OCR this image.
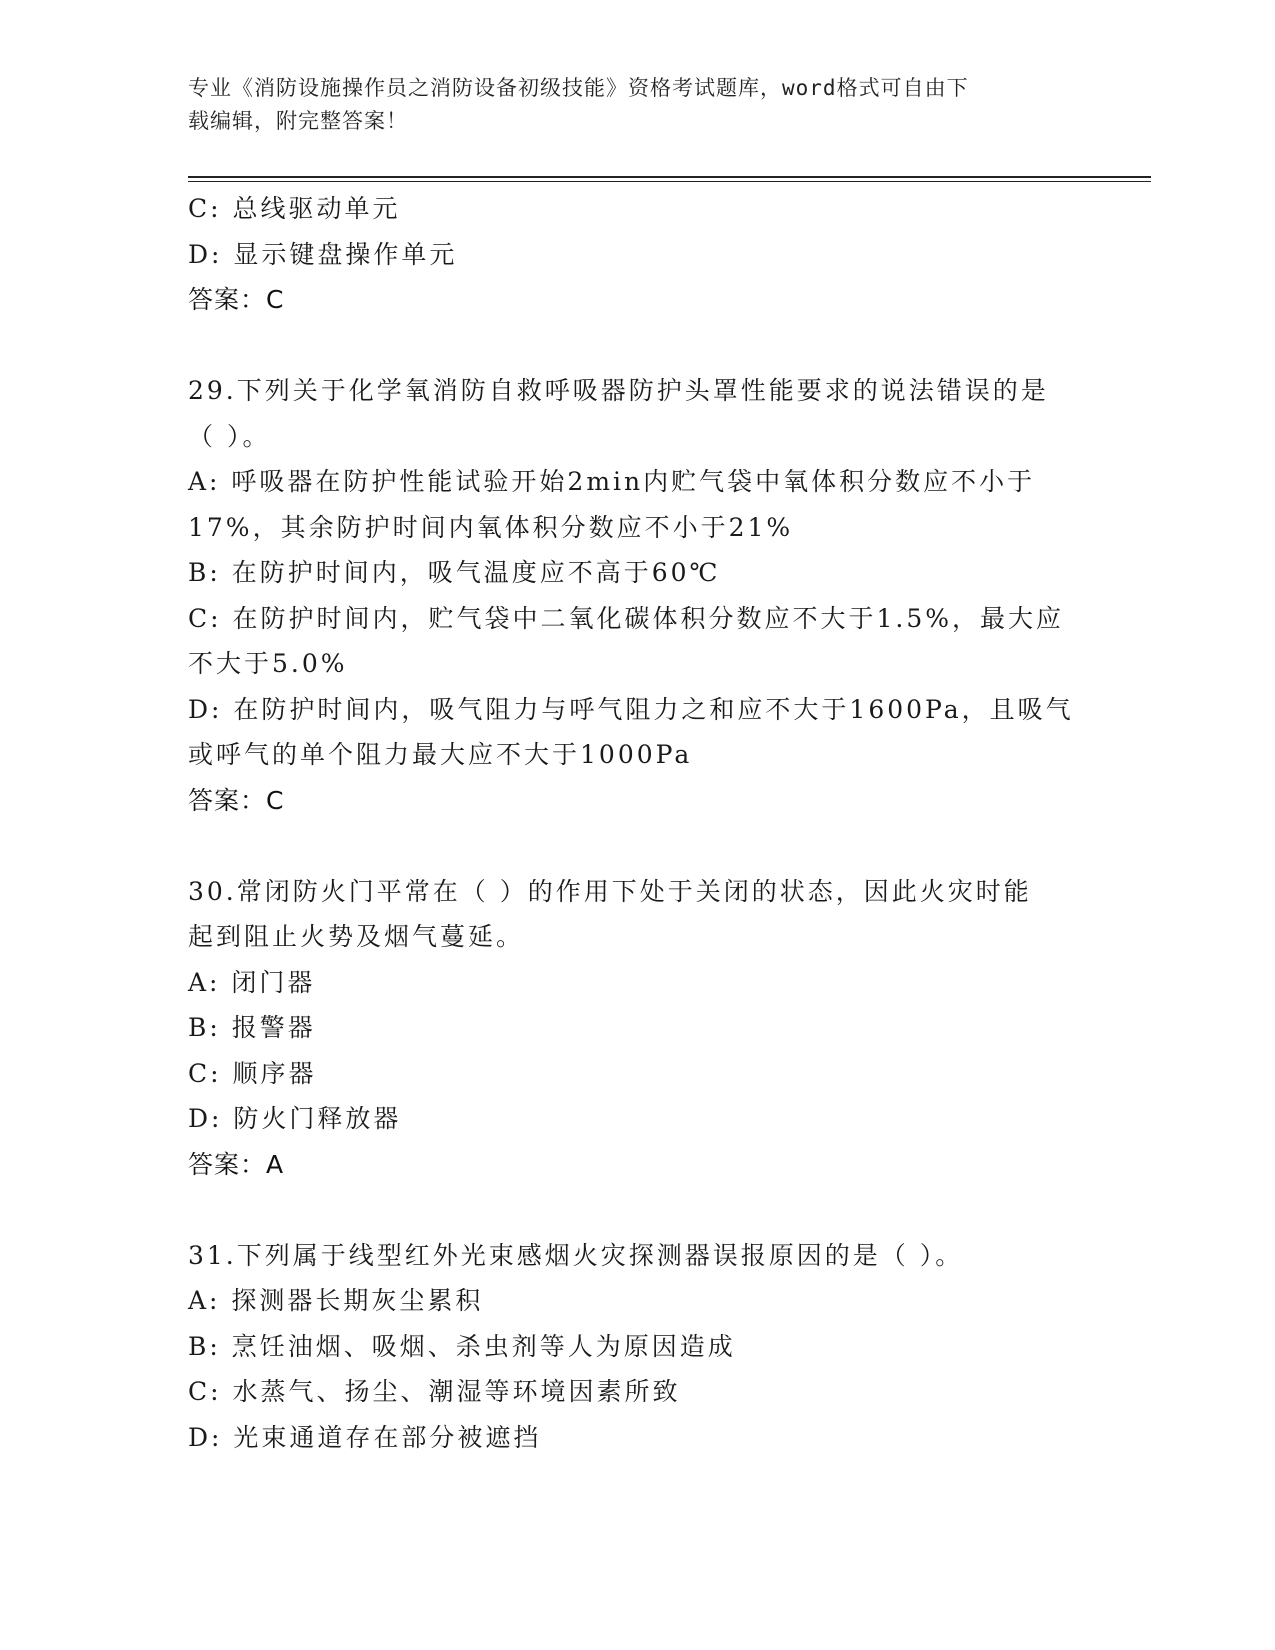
专业《消防设施操作员之消防设备初级技能》资格考试题库，word格式可自由下
载编辑，附完整答案！

C: 总线驱动单元

D: 显示键盘操作单元

答案：C

29.下列关于化学氧消防自救呼吸器防护头罩性能要求的说法错误的是

（ ）。

A: 呼吸器在防护性能试验开始2min内贮气袋中氧体积分数应不小于

17%，其余防护时间内氧体积分数应不小于21%

B: 在防护时间内，吸气温度应不高于60℃

C: 在防护时间内，贮气袋中二氧化碳体积分数应不大于1.5%，最大应

不大于5.0%

D: 在防护时间内，吸气阻力与呼气阻力之和应不大于1600Pa，且吸气

或呼气的单个阻力最大应不大于1000Pa

答案：C

30.常闭防火门平常在（ ）的作用下处于关闭的状态，因此火灾时能

起到阻止火势及烟气蔓延。

A: 闭门器

B: 报警器

C: 顺序器

D: 防火门释放器

答案：A

31.下列属于线型红外光束感烟火灾探测器误报原因的是（ ）。

A: 探测器长期灰尘累积

B: 烹饪油烟、吸烟、杀虫剂等人为原因造成

C: 水蒸气、扬尘、潮湿等环境因素所致

D: 光束通道存在部分被遮挡
